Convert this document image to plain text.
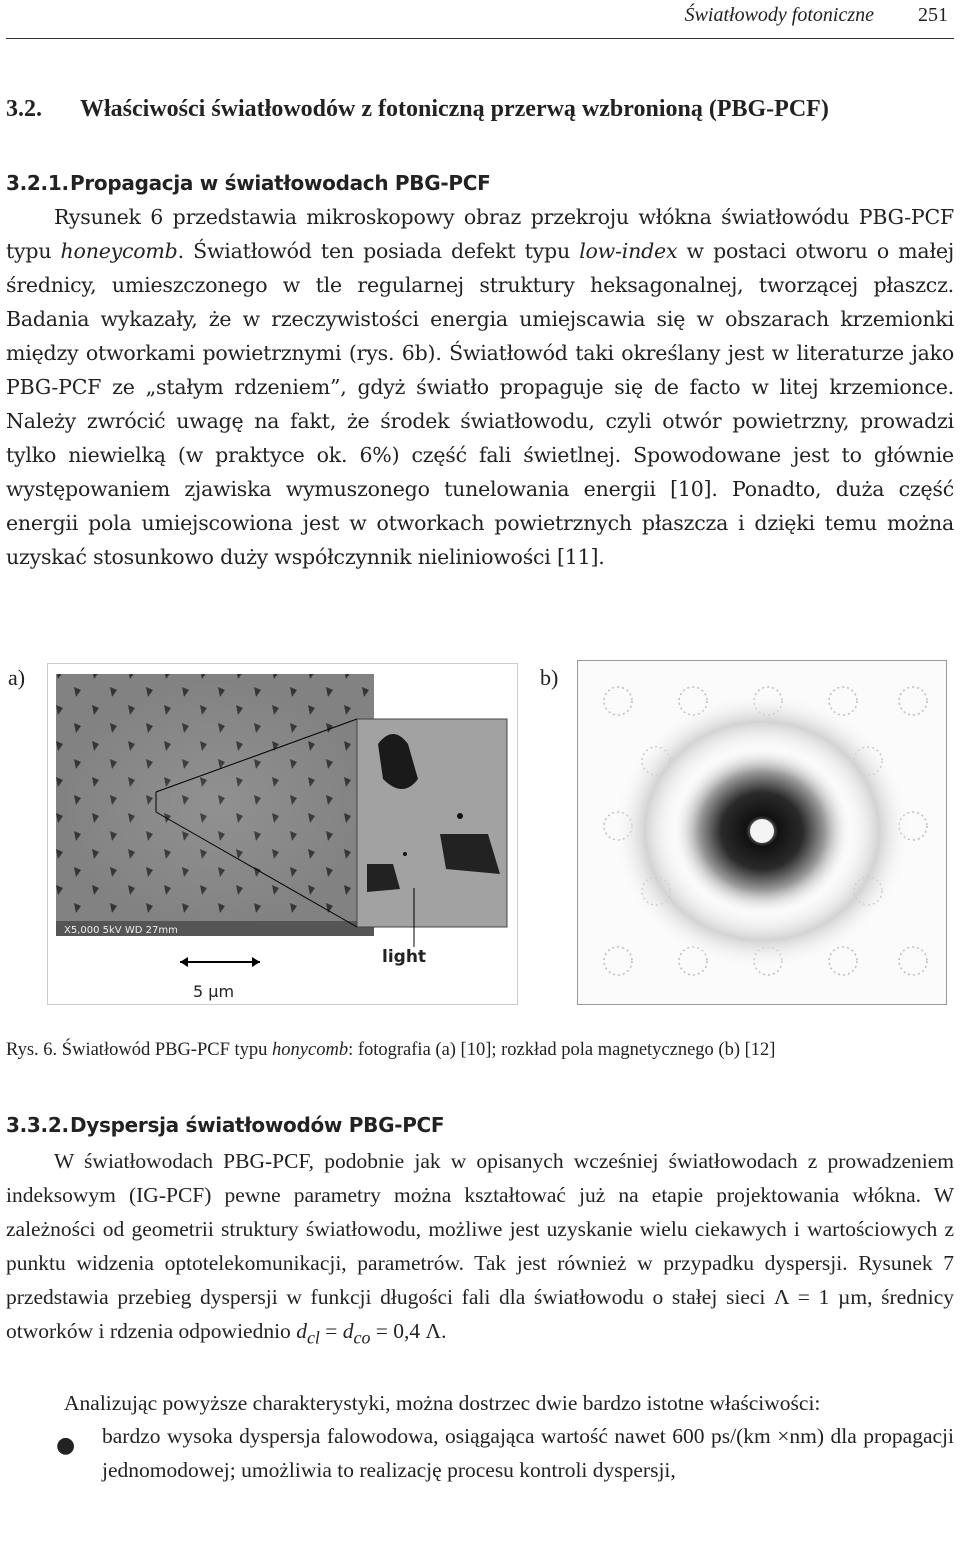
Światłowody fotoniczne 251
3.2. Właściwości światłowodów z fotoniczną przerwą wzbronioną (PBG-PCF)
3.2.1. Propagacja w światłowodach PBG-PCF
Rysunek 6 przedstawia mikroskopowy obraz przekroju włókna światłowódu PBG-PCF typu honeycomb. Światłowód ten posiada defekt typu low-index w postaci otworu o małej średnicy, umieszczonego w tle regularnej struktury heksagonalnej, tworzącej płaszcz. Badania wykazały, że w rzeczywistości energia umiejscawia się w obszarach krzemionki między otworkami powietrznymi (rys. 6b). Światłowód taki określany jest w literaturze jako PBG-PCF ze „stałym rdzeniem”, gdyż światło propaguje się de facto w litej krzemionce. Należy zwrócić uwagę na fakt, że środek światłowodu, czyli otwór powietrzny, prowadzi tylko niewielką (w praktyce ok. 6%) część fali świetlnej. Spowodowane jest to głównie występowaniem zjawiska wymuszonego tunelowania energii [10]. Ponadto, duża część energii pola umiejscowiona jest w otworkach powietrznych płaszcza i dzięki temu można uzyskać stosunkowo duży współczynnik nieliniowości [11].
a)	b)
X5,000 5kV WD 27mm
light
5 µm
Rys. 6. Światłowód PBG-PCF typu honycomb: fotografia (a) [10]; rozkład pola magnetycznego (b) [12]
3.3.2. Dyspersja światłowodów PBG-PCF
W światłowodach PBG-PCF, podobnie jak w opisanych wcześniej światłowodach z prowadzeniem indeksowym (IG-PCF) pewne parametry można kształtować już na etapie projektowania włókna. W zależności od geometrii struktury światłowodu, możliwe jest uzyskanie wielu ciekawych i wartościowych z punktu widzenia optotelekomunikacji, parametrów. Tak jest również w przypadku dyspersji. Rysunek 7 przedstawia przebieg dyspersji w funkcji długości fali dla światłowodu o stałej sieci Λ = 1 µm, średnicy otworków i rdzenia odpowiednio $d_{cl} = d_{co} = 0,4$ Λ.
Analizując powyższe charakterystyki, można dostrzec dwie bardzo istotne właściwości:
● bardzo wysoka dyspersja falowodowa, osiągająca wartość nawet 600 ps/(km ×nm) dla propagacji jednomodowej; umożliwia to realizację procesu kontroli dyspersji,
